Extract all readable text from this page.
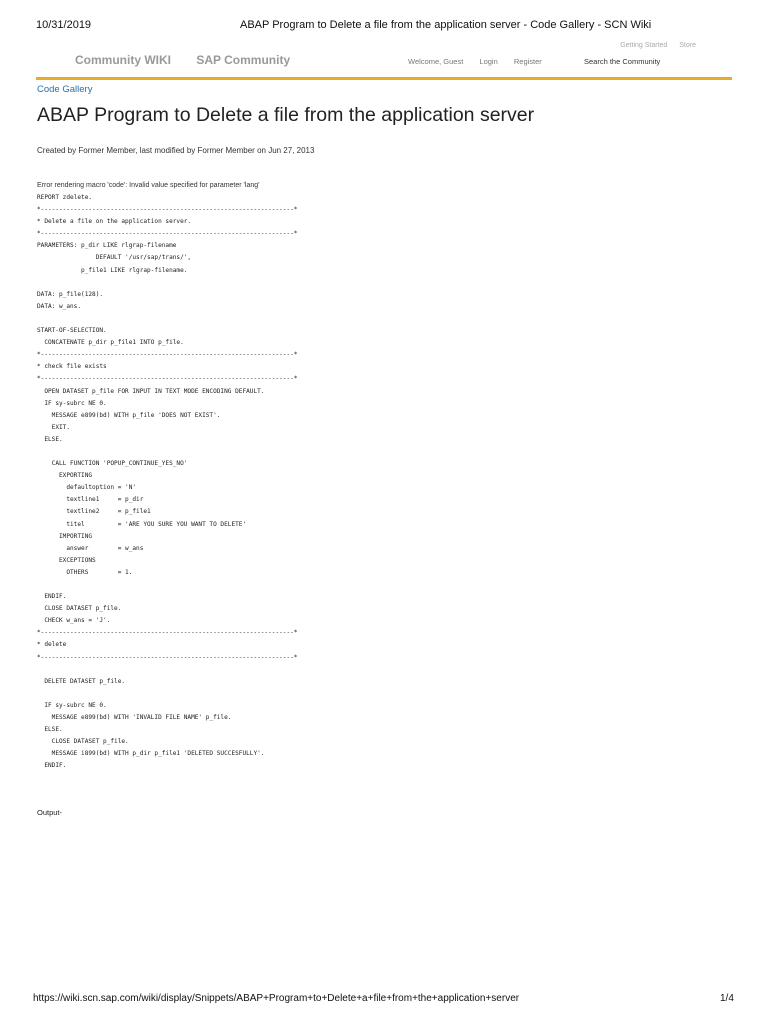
10/31/2019	ABAP Program to Delete a file from the application server - Code Gallery - SCN Wiki
Getting Started Store
Community WIKI SAP Community	Welcome, Guest Login Register	Search the Community
Code Gallery
ABAP Program to Delete a file from the application server
Created by Former Member, last modified by Former Member on Jun 27, 2013
Error rendering macro 'code': Invalid value specified for parameter 'lang'
REPORT zdelete.
*---------------------------------------------------------------------*
* Delete a file on the application server.
*---------------------------------------------------------------------*
PARAMETERS: p_dir LIKE rlgrap-filename
DEFAULT '/usr/sap/trans/',
p_file1 LIKE rlgrap-filename.

DATA: p_file(128).
DATA: w_ans.

START-OF-SELECTION.
CONCATENATE p_dir p_file1 INTO p_file.
*---------------------------------------------------------------------*
* check file exists
*---------------------------------------------------------------------*
OPEN DATASET p_file FOR INPUT IN TEXT MODE ENCODING DEFAULT.
IF sy-subrc NE 0.
MESSAGE e899(bd) WITH p_file 'DOES NOT EXIST'.
EXIT.
ELSE.

CALL FUNCTION 'POPUP_CONTINUE_YES_NO'
EXPORTING
defaultoption = 'N'
textline1     = p_dir
textline2     = p_file1
titel         = 'ARE YOU SURE YOU WANT TO DELETE'
IMPORTING
answer        = w_ans
EXCEPTIONS
OTHERS        = 1.

ENDIF.
CLOSE DATASET p_file.
CHECK w_ans = 'J'.
*---------------------------------------------------------------------*
* delete
*---------------------------------------------------------------------*

DELETE DATASET p_file.

IF sy-subrc NE 0.
MESSAGE e899(bd) WITH 'INVALID FILE NAME' p_file.
ELSE.
CLOSE DATASET p_file.
MESSAGE i899(bd) WITH p_dir p_file1 'DELETED SUCCESFULLY'.
ENDIF.

Output-
https://wiki.scn.sap.com/wiki/display/Snippets/ABAP+Program+to+Delete+a+file+from+the+application+server	1/4
